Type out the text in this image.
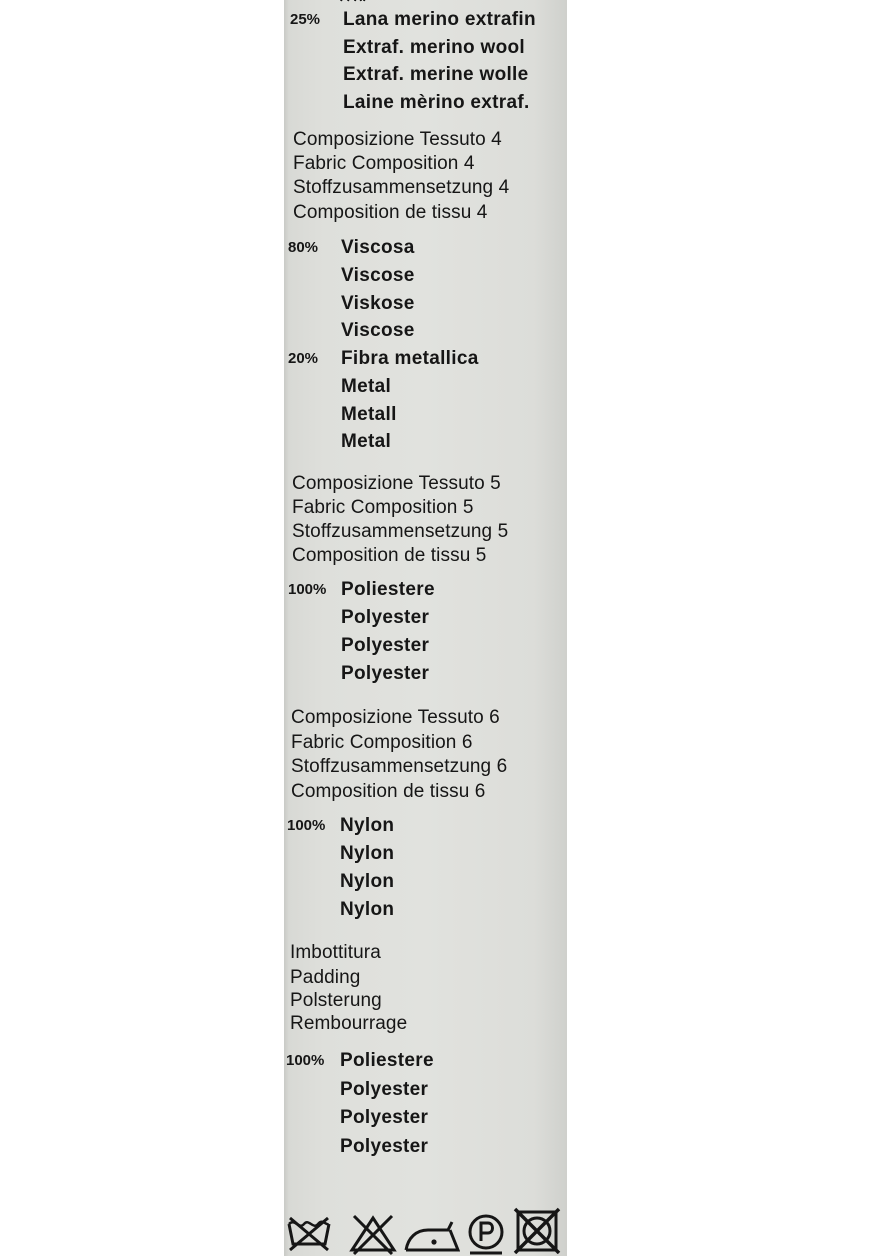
25% Lana merino extrafin
Extraf. merino wool
Extraf. merine wolle
Laine mèrino extraf.
Composizione Tessuto 4
Fabric Composition 4
Stoffzusammensetzung 4
Composition de tissu 4
80% Viscosa
Viscose
Viskose
Viscose
20% Fibra metallica
Metal
Metall
Metal
Composizione Tessuto 5
Fabric Composition 5
Stoffzusammensetzung 5
Composition de tissu 5
100% Poliestere
Polyester
Polyester
Polyester
Composizione Tessuto 6
Fabric Composition 6
Stoffzusammensetzung 6
Composition de tissu 6
100% Nylon
Nylon
Nylon
Nylon
Imbottitura
Padding
Polsterung
Rembourrage
100% Poliestere
Polyester
Polyester
Polyester
